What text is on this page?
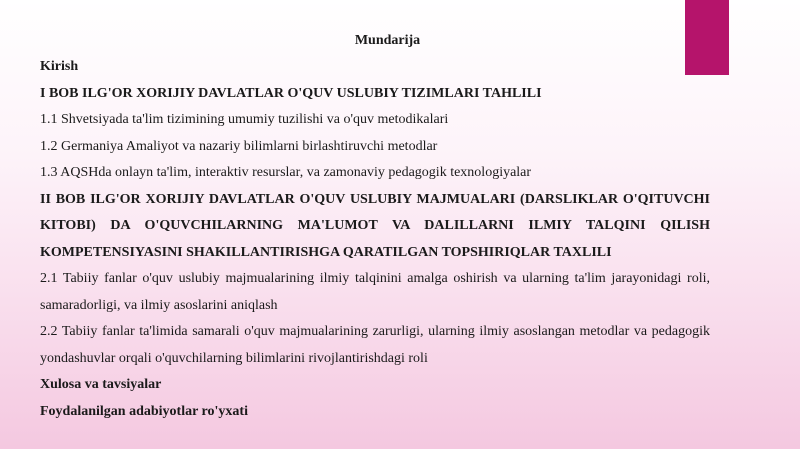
Mundarija
Kirish
I BOB ILG'OR XORIJIY DAVLATLAR O'QUV USLUBIY TIZIMLARI TAHLILI
1.1 Shvetsiyada ta'lim tizimining umumiy tuzilishi va o'quv metodikalari
1.2 Germaniya Amaliyot va nazariy bilimlarni birlashtiruvchi metodlar
1.3 AQSHda onlayn ta'lim, interaktiv resurslar, va zamonaviy pedagogik texnologiyalar
II BOB ILG'OR XORIJIY DAVLATLAR O'QUV USLUBIY MAJMUALARI (DARSLIKLAR O'QITUVCHI KITOBI) DA O'QUVCHILARNING MA'LUMOT VA DALILLARNI ILMIY TALQINI QILISH KOMPETENSIYASINI SHAKILLANTIRISHGA QARATILGAN TOPSHIRIQLAR TAXLILI
2.1 Tabiiy fanlar o'quv uslubiy majmualarining ilmiy talqinini amalga oshirish va ularning ta'lim jarayonidagi roli, samaradorligi, va ilmiy asoslarini aniqlash
2.2 Tabiiy fanlar ta'limida samarali o'quv majmualarining zarurligi, ularning ilmiy asoslangan metodlar va pedagogik yondashuvlar orqali o'quvchilarning bilimlarini rivojlantirishdagi roli
Xulosa va tavsiyalar
Foydalanilgan adabiyotlar ro'yxati
